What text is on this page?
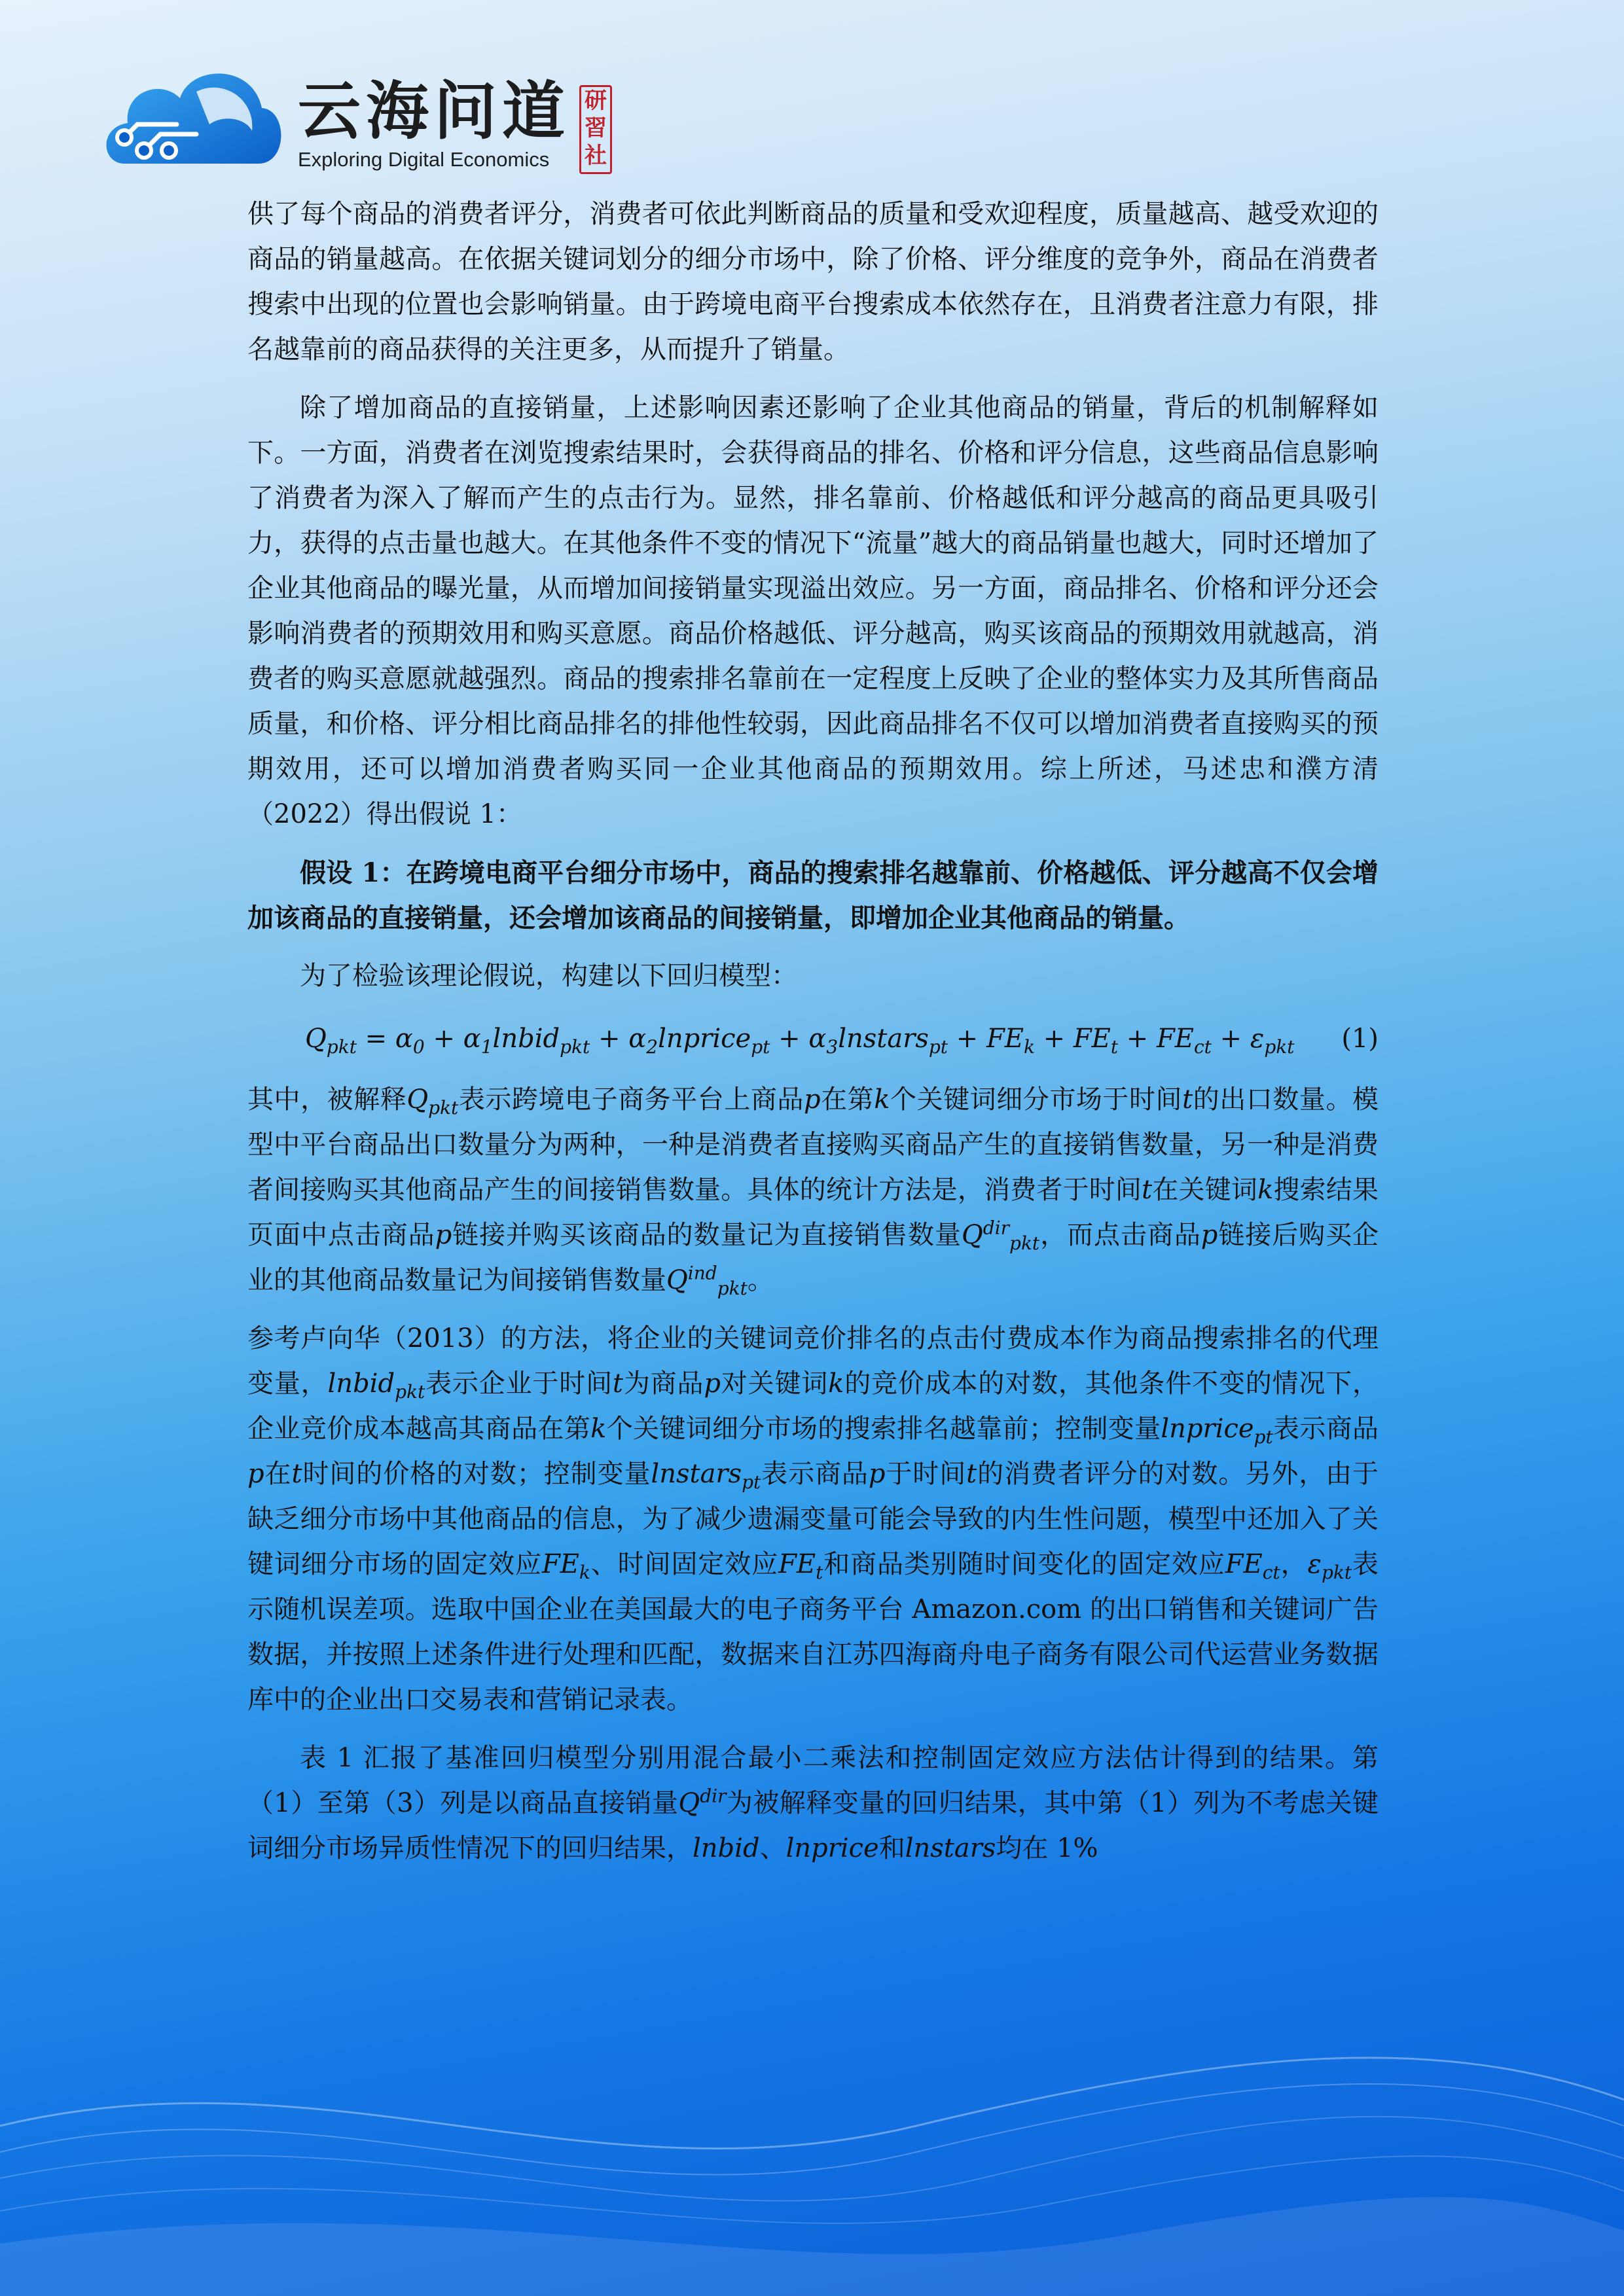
云海问道
Exploring Digital Economics
研習社

供了每个商品的消费者评分，消费者可依此判断商品的质量和受欢迎程度，质量越高、越受欢迎的商品的销量越高。在依据关键词划分的细分市场中，除了价格、评分维度的竞争外，商品在消费者搜索中出现的位置也会影响销量。由于跨境电商平台搜索成本依然存在，且消费者注意力有限，排名越靠前的商品获得的关注更多，从而提升了销量。

除了增加商品的直接销量，上述影响因素还影响了企业其他商品的销量，背后的机制解释如下。一方面，消费者在浏览搜索结果时，会获得商品的排名、价格和评分信息，这些商品信息影响了消费者为深入了解而产生的点击行为。显然，排名靠前、价格越低和评分越高的商品更具吸引力，获得的点击量也越大。在其他条件不变的情况下“流量”越大的商品销量也越大，同时还增加了企业其他商品的曝光量，从而增加间接销量实现溢出效应。另一方面，商品排名、价格和评分还会影响消费者的预期效用和购买意愿。商品价格越低、评分越高，购买该商品的预期效用就越高，消费者的购买意愿就越强烈。商品的搜索排名靠前在一定程度上反映了企业的整体实力及其所售商品质量，和价格、评分相比商品排名的排他性较弱，因此商品排名不仅可以增加消费者直接购买的预期效用，还可以增加消费者购买同一企业其他商品的预期效用。综上所述，马述忠和濮方清（2022）得出假说 1：

假设 1：在跨境电商平台细分市场中，商品的搜索排名越靠前、价格越低、评分越高不仅会增加该商品的直接销量，还会增加该商品的间接销量，即增加企业其他商品的销量。

为了检验该理论假说，构建以下回归模型：

$Q_{pkt} = \alpha_0$ + $\alpha_1lnbid_{pkt}$ + $\alpha_2lnprice_{pt}$ + $\alpha_3lnstars_{pt} + FE_k + FE_t + FE_{ct} + \varepsilon_{pkt}$ (1)

其中，被解释$Q_{pkt}$表示跨境电子商务平台上商品p在第k个关键词细分市场于时间t的出口数量。模型中平台商品出口数量分为两种，一种是消费者直接购买商品产生的直接销售数量，另一种是消费者间接购买其他商品产生的间接销售数量。具体的统计方法是，消费者于时间t在关键词k搜索结果页面中点击商品p链接并购买该商品的数量记为直接销售数量$Q^{dir}_{pkt}$，而点击商品p链接后购买企业的其他商品数量记为间接销售数量$Q^{ind}_{pkt}$。

参考卢向华（2013）的方法，将企业的关键词竞价排名的点击付费成本作为商品搜索排名的代理变量，lnbid$_{pkt}$表示企业于时间t为商品p对关键词k的竞价成本的对数，其他条件不变的情况下，企业竞价成本越高其商品在第k个关键词细分市场的搜索排名越靠前；控制变量lnprice$_{pt}$表示商品p在t时间的价格的对数；控制变量lnstars$_{pt}$表示商品p于时间t的消费者评分的对数。另外，由于缺乏细分市场中其他商品的信息，为了减少遗漏变量可能会导致的内生性问题，模型中还加入了关键词细分市场的固定效应$FE_k$、时间固定效应$FE_t$和商品类别随时间变化的固定效应$FE_{ct}$，$\varepsilon_{pkt}$表示随机误差项。选取中国企业在美国最大的电子商务平台 Amazon.com 的出口销售和关键词广告数据，并按照上述条件进行处理和匹配，数据来自江苏四海商舟电子商务有限公司代运营业务数据库中的企业出口交易表和营销记录表。

表 1 汇报了基准回归模型分别用混合最小二乘法和控制固定效应方法估计得到的结果。第（1）至第（3）列是以商品直接销量$Q^{dir}$为被解释变量的回归结果，其中第（1）列为不考虑关键词细分市场异质性情况下的回归结果，lnbid、lnprice和lnstars均在 1%
